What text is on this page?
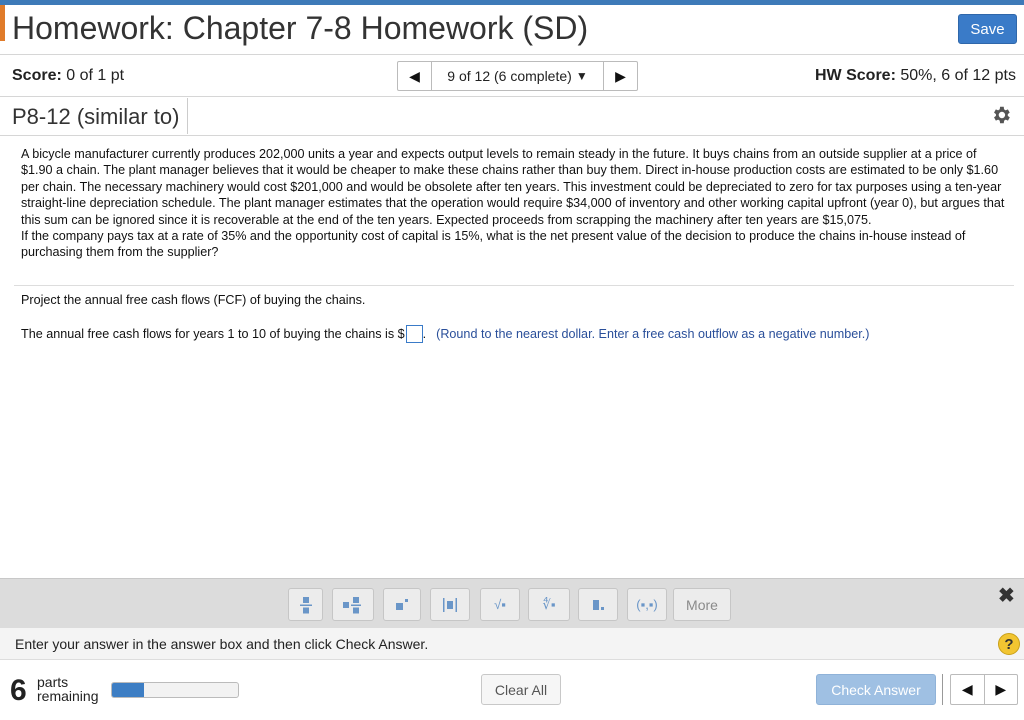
Homework: Chapter 7-8 Homework (SD)	Save
Score: 0 of 1 pt	◀ 9 of 12 (6 complete) ▼ ▶	HW Score: 50%, 6 of 12 pts
P8-12 (similar to)

A bicycle manufacturer currently produces 202,000 units a year and expects output levels to remain steady in the future. It buys chains from an outside supplier at a price of $1.90 a chain. The plant manager believes that it would be cheaper to make these chains rather than buy them. Direct in-house production costs are estimated to be only $1.60 per chain. The necessary machinery would cost $201,000 and would be obsolete after ten years. This investment could be depreciated to zero for tax purposes using a ten-year straight-line depreciation schedule. The plant manager estimates that the operation would require $34,000 of inventory and other working capital upfront (year 0), but argues that this sum can be ignored since it is recoverable at the end of the ten years. Expected proceeds from scrapping the machinery after ten years are $15,075.

If the company pays tax at a rate of 35% and the opportunity cost of capital is 15%, what is the net present value of the decision to produce the chains in-house instead of purchasing them from the supplier?

Project the annual free cash flows (FCF) of buying the chains.
The annual free cash flows for years 1 to 10 of buying the chains is $ . (Round to the nearest dollar. Enter a free cash outflow as a negative number.)
√▪	∜▪	(▪,▪)	More	✖
Enter your answer in the answer box and then click Check Answer.	?
6 parts
remaining	Clear All	Check Answer	◀ ▶
